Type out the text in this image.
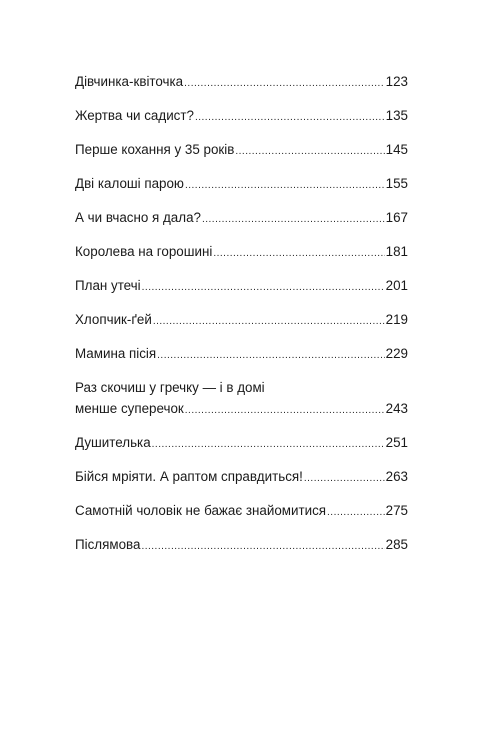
Дівчинка-квіточка .....	123
Жертва чи садист? .....	135
Перше кохання у 35 років .....	145
Дві калоші парою .....	155
А чи вчасно я дала? .....	167
Королева на горошині .....	181
План утечі .....	201
Хлопчик-ґей .....	219
Мамина пісія .....	229
Раз скочиш у гречку — і в домі
менше суперечок .....	243
Душителька .....	251
Бійся мріяти. А раптом справдиться! .....	263
Самотній чоловік не бажає знайомитися .....	275
Післямова .....	285
